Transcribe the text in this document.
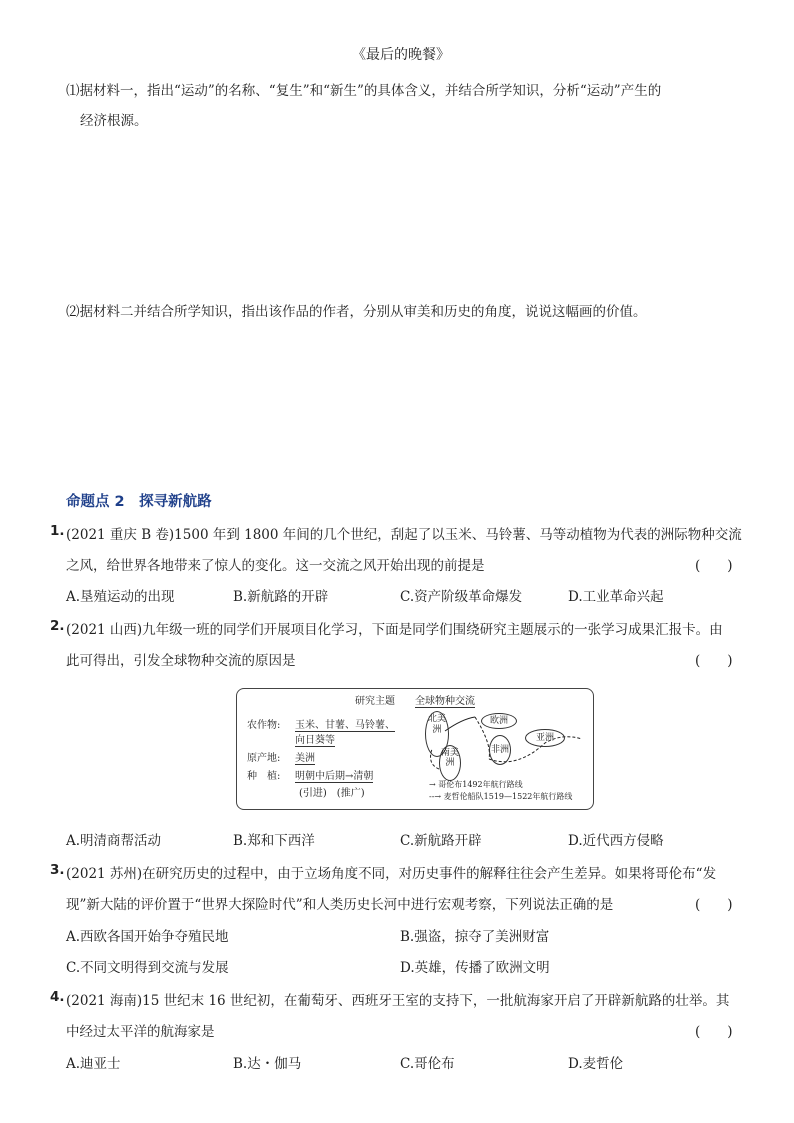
《最后的晚餐》
⑴据材料一，指出“运动”的名称、“复生”和“新生”的具体含义，并结合所学知识，分析“运动”产生的
经济根源。
⑵据材料二并结合所学知识，指出该作品的作者，分别从审美和历史的角度，说说这幅画的价值。
命题点 2　探寻新航路
1. (2021 重庆 B 卷)1500 年到 1800 年间的几个世纪，刮起了以玉米、马铃薯、马等动植物为代表的洲际物种交流
之风，给世界各地带来了惊人的变化。这一交流之风开始出现的前提是	(　　)
A.垦殖运动的出现	B.新航路的开辟	C.资产阶级革命爆发	D.工业革命兴起
2. (2021 山西)九年级一班的同学们开展项目化学习，下面是同学们围绕研究主题展示的一张学习成果汇报卡。由
此可得出，引发全球物种交流的原因是	(　　)
研究主题 全球物种交流
农作物: 玉米、甘薯、马铃薯、
向日葵等
原产地: 美洲
种　植: 明朝中后期→清朝
(引进)　(推广)
北美洲
南美洲
欧洲
非洲
亚洲
→ 哥伦布1492年航行路线
--→ 麦哲伦船队1519—1522年航行路线
A.明清商帮活动	B.郑和下西洋	C.新航路开辟	D.近代西方侵略
3. (2021 苏州)在研究历史的过程中，由于立场角度不同，对历史事件的解释往往会产生差异。如果将哥伦布“发
现”新大陆的评价置于“世界大探险时代”和人类历史长河中进行宏观考察，下列说法正确的是	(　　)
A.西欧各国开始争夺殖民地	B.强盗，掠夺了美洲财富
C.不同文明得到交流与发展	D.英雄，传播了欧洲文明
4. (2021 海南)15 世纪末 16 世纪初，在葡萄牙、西班牙王室的支持下，一批航海家开启了开辟新航路的壮举。其
中经过太平洋的航海家是	(　　)
A.迪亚士	B.达・伽马	C.哥伦布	D.麦哲伦
